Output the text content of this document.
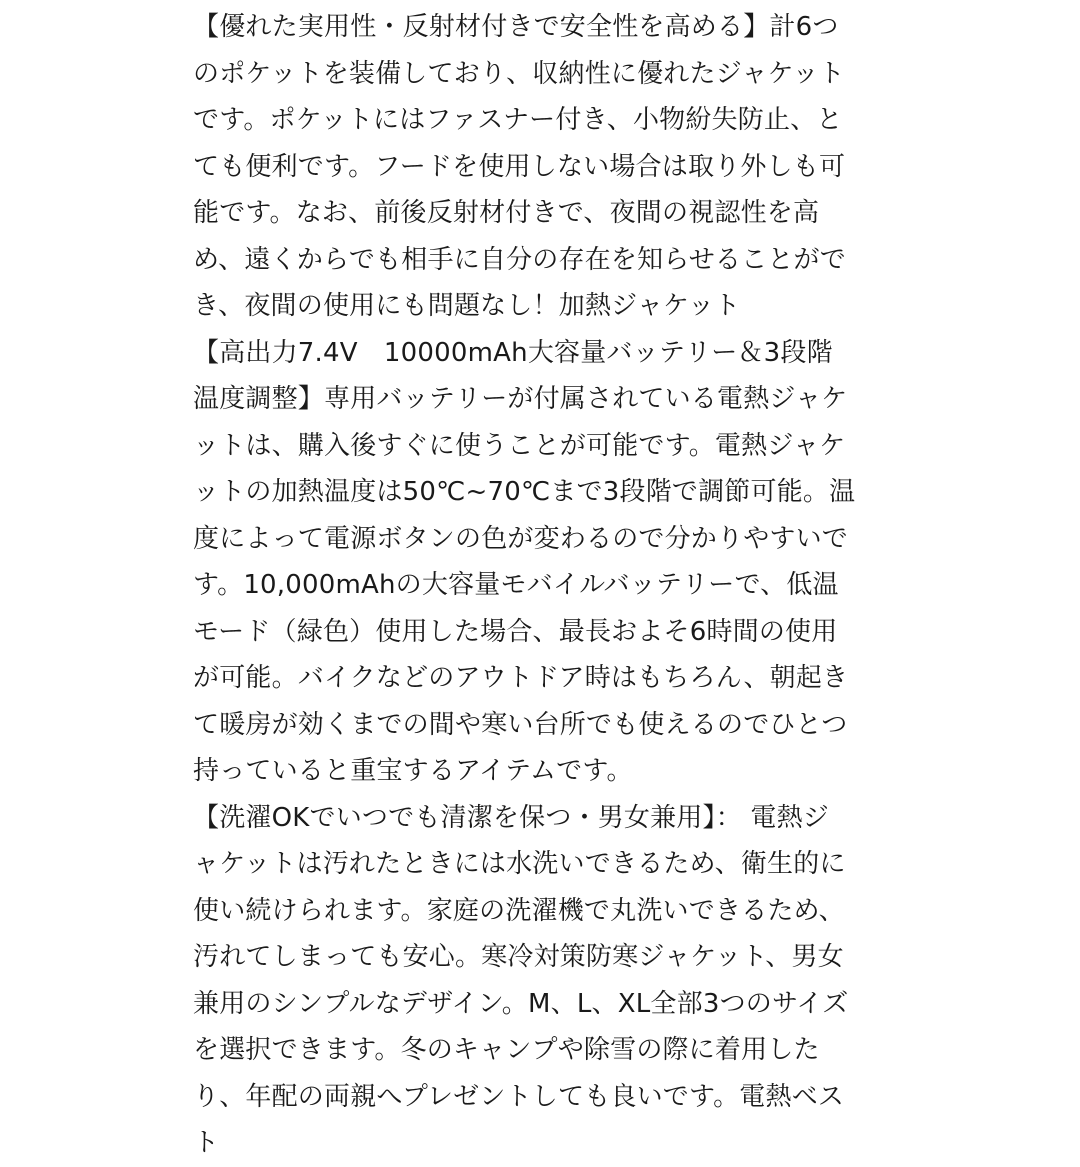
【優れた実用性・反射材付きで安全性を高める】計6つ
のポケットを装備しており、収納性に優れたジャケット
です。ポケットにはファスナー付き、小物紛失防止、と
ても便利です。フードを使用しない場合は取り外しも可
能です。なお、前後反射材付きで、夜間の視認性を高
め、遠くからでも相手に自分の存在を知らせることがで
き、夜間の使用にも問題なし！加熱ジャケット
【高出力7.4V　10000mAh大容量バッテリー＆3段階
温度調整】専用バッテリーが付属されている電熱ジャケ
ットは、購入後すぐに使うことが可能です。電熱ジャケ
ットの加熱温度は50℃~70℃まで3段階で調節可能。温
度によって電源ボタンの色が変わるので分かりやすいで
す。10,000mAhの大容量モバイルバッテリーで、低温
モード（緑色）使用した場合、最長およそ6時間の使用
が可能。バイクなどのアウトドア時はもちろん、朝起き
て暖房が効くまでの間や寒い台所でも使えるのでひとつ
持っていると重宝するアイテムです。
【洗濯OKでいつでも清潔を保つ・男女兼用】： 電熱ジ
ャケットは汚れたときには水洗いできるため、衛生的に
使い続けられます。家庭の洗濯機で丸洗いできるため、
汚れてしまっても安心。寒冷対策防寒ジャケット、男女
兼用のシンプルなデザイン。M、L、XL全部3つのサイズ
を選択できます。冬のキャンプや除雪の際に着用した
り、年配の両親へプレゼントしても良いです。電熱ベス
ト
